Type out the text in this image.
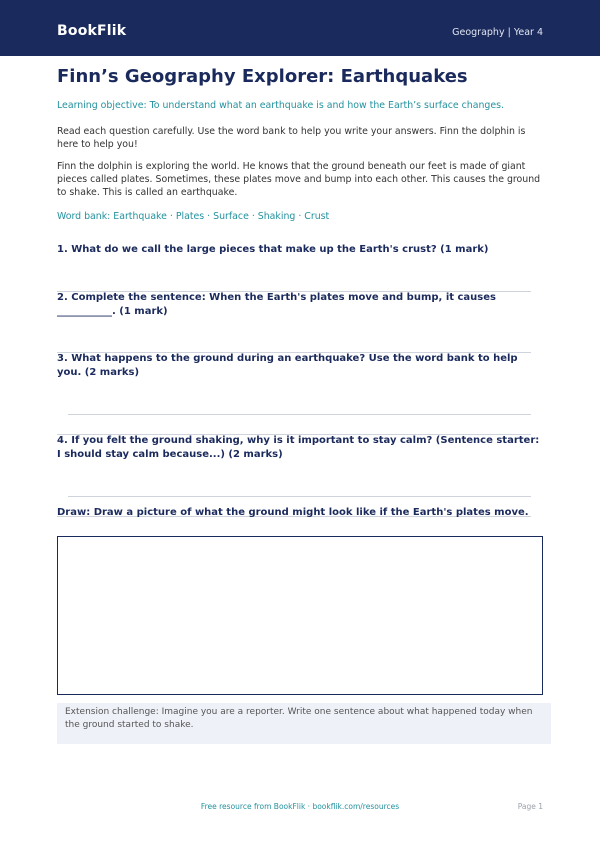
BookFlik	Geography | Year 4
Finn’s Geography Explorer: Earthquakes
Learning objective: To understand what an earthquake is and how the Earth’s surface changes.
Read each question carefully. Use the word bank to help you write your answers. Finn the dolphin is here to help you!
Finn the dolphin is exploring the world. He knows that the ground beneath our feet is made of giant pieces called plates. Sometimes, these plates move and bump into each other. This causes the ground to shake. This is called an earthquake.
Word bank: Earthquake · Plates · Surface · Shaking · Crust
1. What do we call the large pieces that make up the Earth's crust? (1 mark)
2. Complete the sentence: When the Earth's plates move and bump, it causes ___________. (1 mark)
3. What happens to the ground during an earthquake? Use the word bank to help you. (2 marks)
4. If you felt the ground shaking, why is it important to stay calm? (Sentence starter: I should stay calm because...) (2 marks)
Draw: Draw a picture of what the ground might look like if the Earth's plates move.
Extension challenge: Imagine you are a reporter. Write one sentence about what happened today when the ground started to shake.
Free resource from BookFlik · bookflik.com/resources	Page 1
